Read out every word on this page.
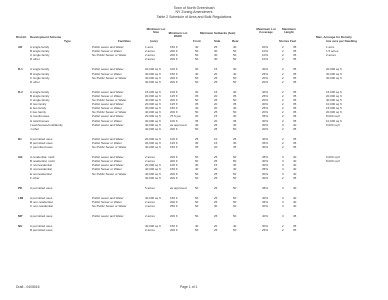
Town of North Greenbush
NY Zoning Amendment
Table 2 Schedule of Area and Bulk Regulations
District Development Scheme
Type	Facilities
Minimum Lot Size
(size)
Minimum Lot Width
Minimum Setbacks (feet)
Front	Side	Rear
Maximum Lot Coverage
Maximum Height
Stories Feet
Max. Acreage for Density
lots acre per Dwelling
AR	A single family	Public sewer and Water	1 acre	150 ft	40	25	40	20%	2	35	1 acre
B single family	Public Sewer or Water	2 acres	200 ft	50	30	50	10%	2	35	1.5 acres
C single family	No Public Sewer or Water	2 acres	200 ft	50	30	50	10%	2	35	2 acres
D other	2 acres	200 ft	50	30	50	10%	2	35
R-1 A single family	Public sewer and Water	20,000 sq ft	100 ft	30	15	30	30%	2	35	20,000 sq ft
B single family	Public Sewer or Water	30,000 sq ft	150 ft	40	20	40	25%	2	35	30,000 sq ft
C single family	No Public Sewer or Water	40,000 sq ft	200 ft	50	25	50	20%	2	35	40,000 sq ft
D other	40,000 sq ft	200 ft	50	25	50	20%	2	35
R-2 A single family	Public sewer and Water	15,000 sq ft	100 ft	30	15	30	30%	2	35	15,000 sq ft
B single family	Public Sewer or Water	20,000 sq ft	125 ft	35	20	35	25%	2	35	20,000 sq ft
C single family	No Public Sewer or Water	40,000 sq ft	200 ft	50	25	50	20%	2	35	40,000 sq ft
D two family	Public sewer and Water	20,000 sq ft	125 ft	35	20	35	30%	2	35	10,000 sq ft
E two family	Public Sewer or Water	30,000 sq ft	150 ft	40	20	40	25%	2	35	15,000 sq ft
F two family	No Public Sewer or Water	40,000 sq ft	200 ft	50	25	50	20%	2	35	20,000 sq ft
G townhouses	Public sewer and Water	20,000 sq ft	75 ft per	30	15	30	35%	2	35	8,000 sq ft
H townhouses	Public Sewer or Water	30,000 sq ft	100 ft	35	20	35	30%	2	35	10,000 sq ft
I townhouses/multifamily	Public sewer and Water	40,000 sq ft	as approved	40	25	40	30%	3	40	6,000 sq ft
J other	40,000 sq ft	200 ft	50	25	50	20%	2	35
B1	A permitted uses	Public sewer and Water	20,000 sq ft	100 ft	25	10	25	40%	2	35
B permitted uses	Public Sewer or Water	30,000 sq ft	125 ft	30	15	30	35%	2	35
C permitted uses	No Public Sewer or Water	40,000 sq ft	150 ft	35	20	35	30%	2	35
GB	A residential, multi	Public sewer and Water	2 acres	200 ft	50	25	50	35%	3	40	6,000 sq ft
B residential, multi	Public Sewer or Water	2 acres	200 ft	50	25	50	30%	3	40	8,000 sq ft
C nonresidential	Public sewer and Water	20,000 sq ft	100 ft	30	15	30	40%	3	40
D nonresidential	Public Sewer or Water	40,000 sq ft	150 ft	40	20	40	35%	3	40
E nonresidential	No Public Sewer or Water	40,000 sq ft	200 ft	50	25	50	30%	3	40
F other	40,000 sq ft	200 ft	50	25	50	30%	2	35
PD	A permitted uses	5 acres	as approved	50	25	50	35%	3	40
LMI A permitted uses	Public sewer and Water	40,000 sq ft	150 ft	50	25	50	40%	3	40
B non-residential	Public Sewer or Water	2 acres	200 ft	50	25	50	35%	3	40
C non-residential	No Public Sewer or Water	3 acres	250 ft	60	30	60	30%	3	40
MP	A permitted uses	Public sewer and Water	2 acres	200 ft	50	25	50	40%	3	45
NH	A permitted uses	40,000 sq ft	150 ft	40	20	40	30%	2	35
B permitted uses	2 acres	200 ft	50	25	50	25%	2	35
Draft - 04/08/16	Page 1 of 1
